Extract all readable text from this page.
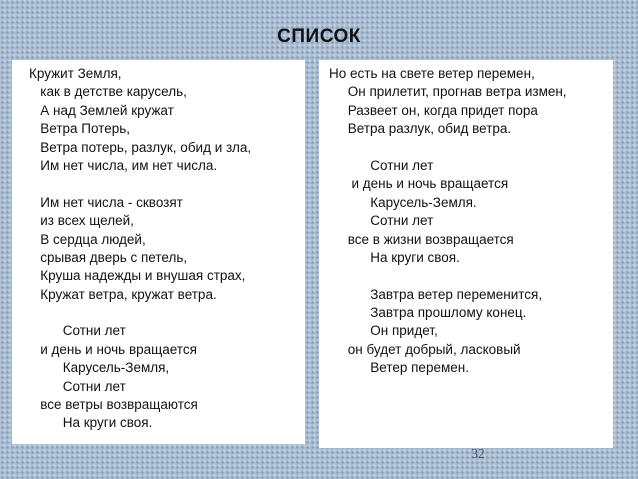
СПИСОК
Кружит Земля,
как в детстве карусель,
А над Землей кружат
Ветра Потерь,
Ветра потерь, разлук, обид и зла,
Им нет числа, им нет числа.
Им нет числа - сквозят
из всех щелей,
В сердца людей,
срывая дверь с петель,
Круша надежды и внушая страх,
Кружат ветра, кружат ветра.
Сотни лет
и день и ночь вращается
Карусель-Земля,
Сотни лет
все ветры возвращаются
На круги своя.
Но есть на свете ветер перемен,
Он прилетит, прогнав ветра измен,
Развеет он, когда придет пора
Ветра разлук, обид ветра.
Сотни лет
и день и ночь вращается
Карусель-Земля.
Сотни лет
все в жизни возвращается
На круги своя.
Завтра ветер переменится,
Завтра прошлому конец.
Он придет,
он будет добрый, ласковый
Ветер перемен.
32
